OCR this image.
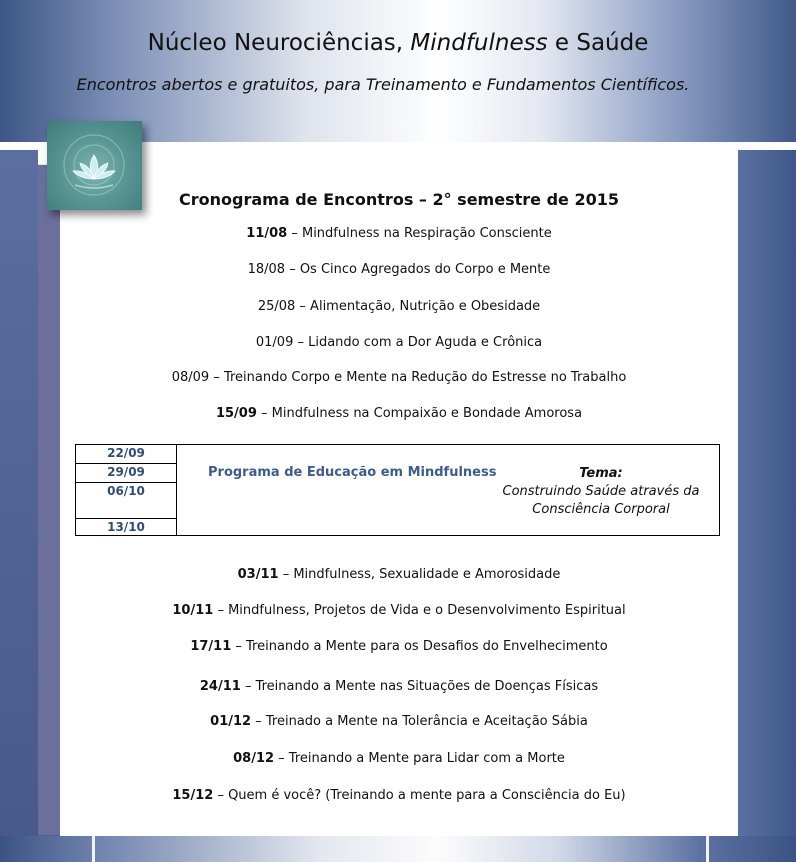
Núcleo Neurociências, Mindfulness e Saúde
Encontros abertos e gratuitos, para Treinamento e Fundamentos Científicos.
Cronograma de Encontros – 2° semestre de 2015
11/08 – Mindfulness na Respiração Consciente
18/08 – Os Cinco Agregados do Corpo e Mente
25/08 – Alimentação, Nutrição e Obesidade
01/09 – Lidando com a Dor Aguda e Crônica
08/09 – Treinando Corpo e Mente na Redução do Estresse no Trabalho
15/09 – Mindfulness na Compaixão e Bondade Amorosa
22/09
29/09
06/10
13/10
Programa de Educação em Mindfulness	Tema:
Construindo Saúde através da
Consciência Corporal
03/11 – Mindfulness, Sexualidade e Amorosidade
10/11 – Mindfulness, Projetos de Vida e o Desenvolvimento Espiritual
17/11 – Treinando a Mente para os Desafios do Envelhecimento
24/11 – Treinando a Mente nas Situações de Doenças Físicas
01/12 – Treinado a Mente na Tolerância e Aceitação Sábia
08/12 – Treinando a Mente para Lidar com a Morte
15/12 – Quem é você? (Treinando a mente para a Consciência do Eu)
